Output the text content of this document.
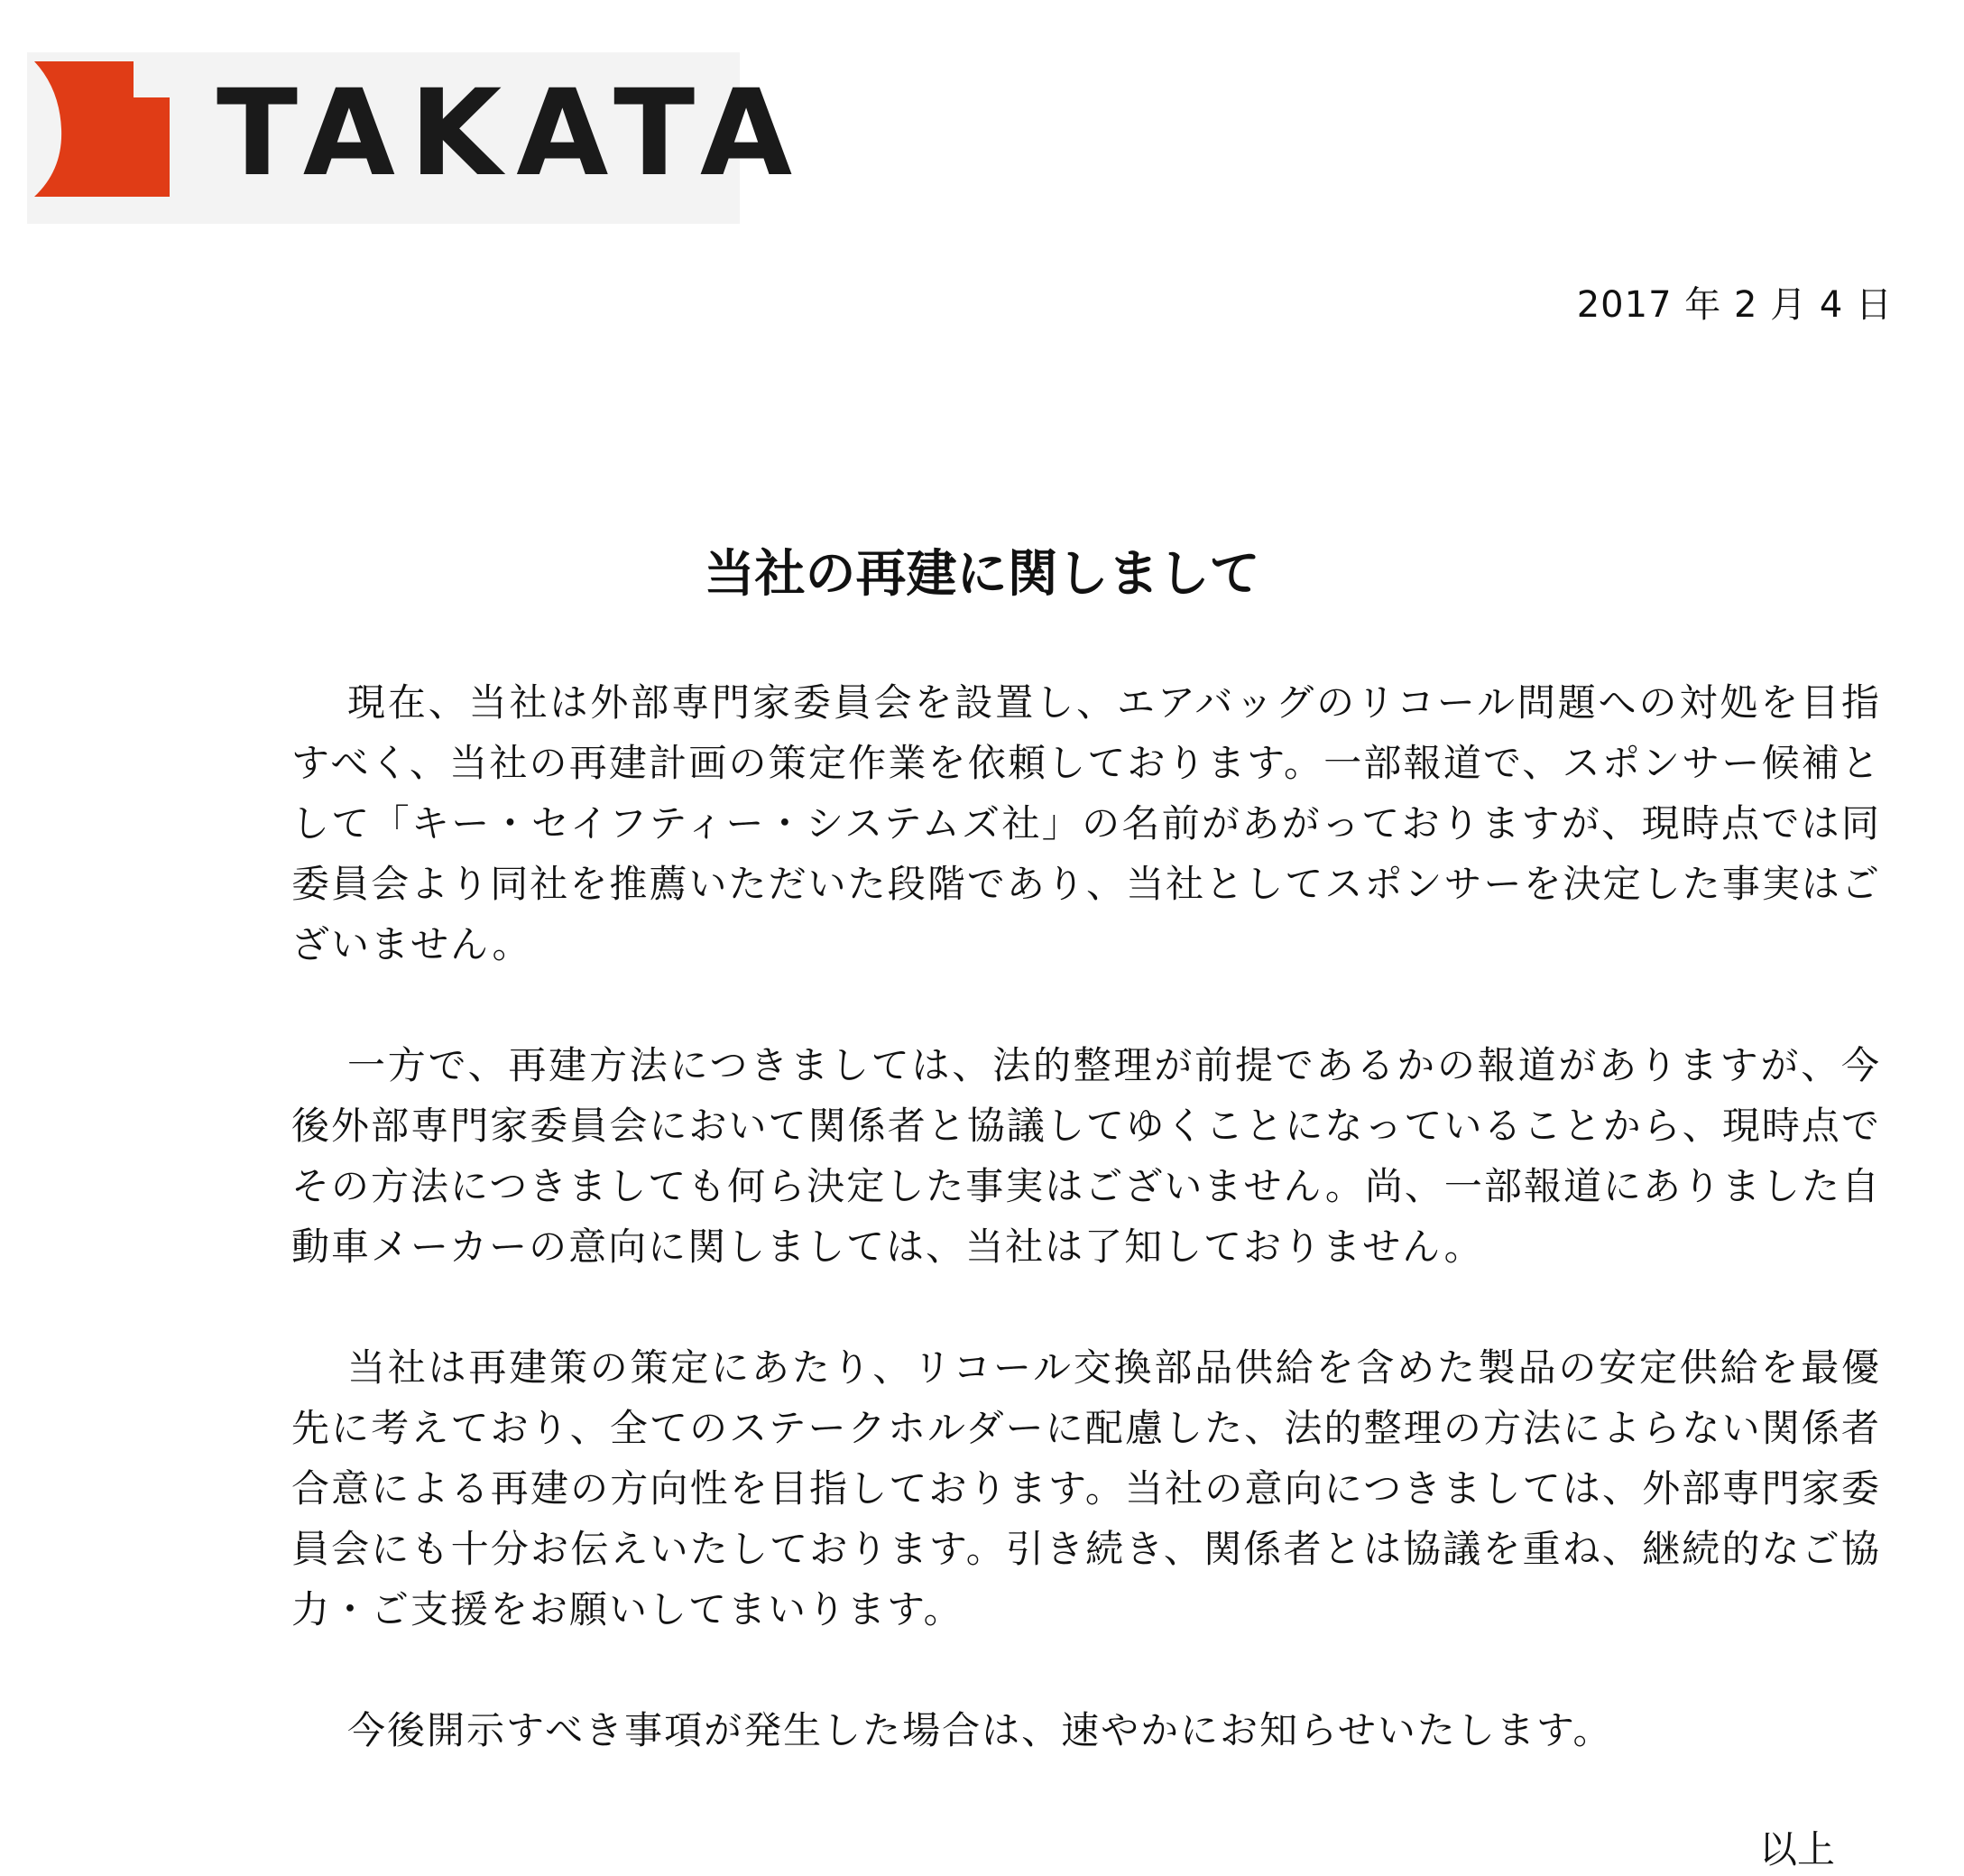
TAKATA
2017 年 2 月 4 日
当社の再建に関しまして

現在、当社は外部専門家委員会を設置し、エアバッグのリコール問題への対処を目指すべく、当社の再建計画の策定作業を依頼しております。一部報道で、スポンサー候補として「キー・セイフティー・システムズ社」の名前があがっておりますが、現時点では同委員会より同社を推薦いただいた段階であり、当社としてスポンサーを決定した事実はございません。

一方で、再建方法につきましては、法的整理が前提であるかの報道がありますが、今後外部専門家委員会において関係者と協議してゆくことになっていることから、現時点でその方法につきましても何ら決定した事実はございません。尚、一部報道にありました自動車メーカーの意向に関しましては、当社は了知しておりません。

当社は再建策の策定にあたり、リコール交換部品供給を含めた製品の安定供給を最優先に考えており、全てのステークホルダーに配慮した、法的整理の方法によらない関係者合意による再建の方向性を目指しております。当社の意向につきましては、外部専門家委員会にも十分お伝えいたしております。引き続き、関係者とは協議を重ね、継続的なご協力・ご支援をお願いしてまいります。

今後開示すべき事項が発生した場合は、速やかにお知らせいたします。

以上
